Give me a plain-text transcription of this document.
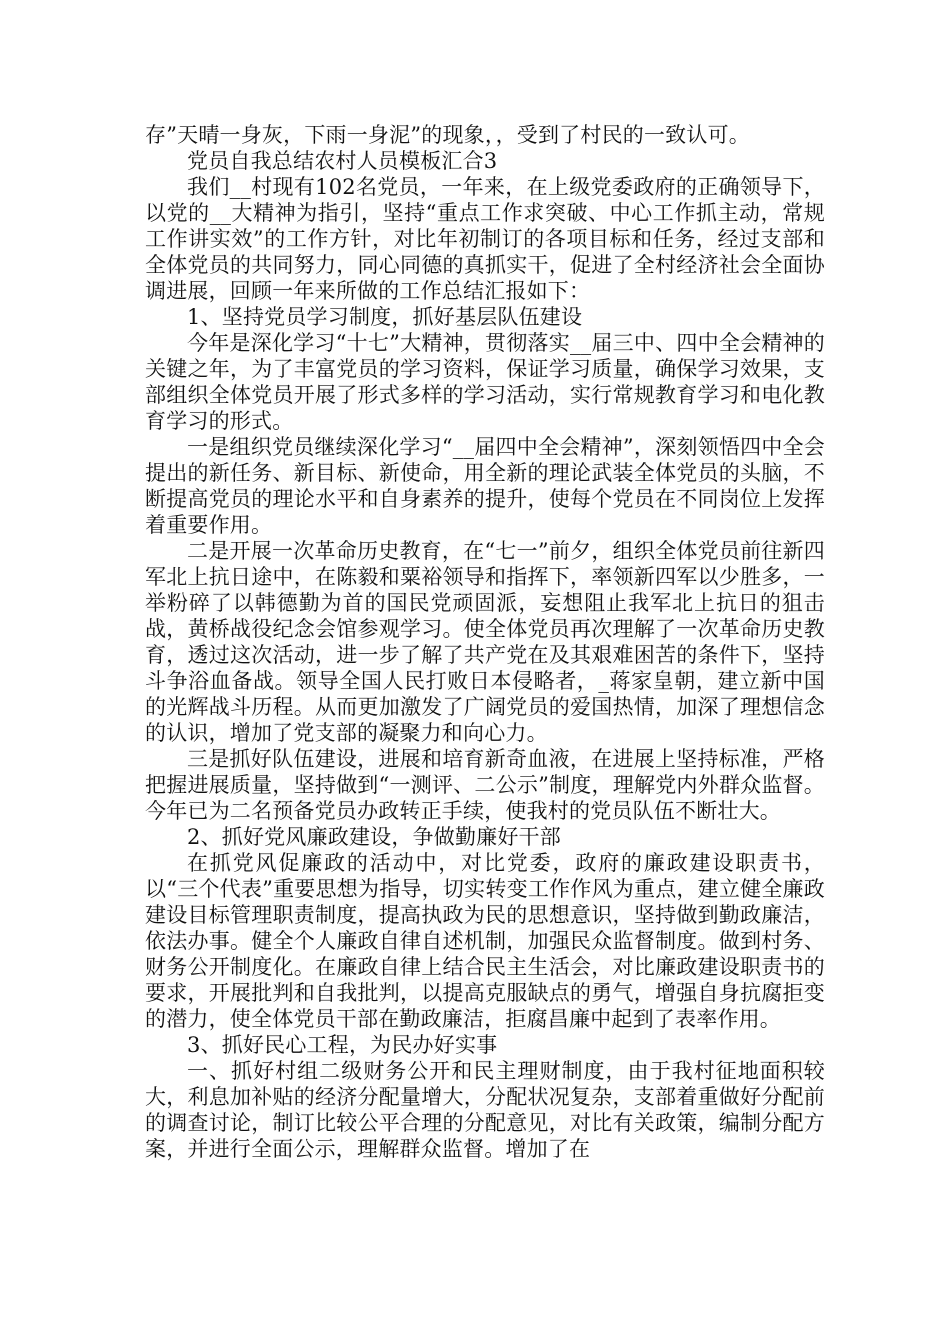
存”天晴一身灰，下雨一身泥”的现象，，受到了村民的一致认可。

党员自我总结农村人员模板汇合3

我们__村现有102名党员，一年来，在上级党委政府的正确领导下，以党的__大精神为指引，坚持“重点工作求突破、中心工作抓主动，常规工作讲实效”的工作方针，对比年初制订的各项目标和任务，经过支部和全体党员的共同努力，同心同德的真抓实干，促进了全村经济社会全面协调进展，回顾一年来所做的工作总结汇报如下：

1、坚持党员学习制度，抓好基层队伍建设

今年是深化学习“十七”大精神，贯彻落实__届三中、四中全会精神的关键之年，为了丰富党员的学习资料，保证学习质量，确保学习效果，支部组织全体党员开展了形式多样的学习活动，实行常规教育学习和电化教育学习的形式。

一是组织党员继续深化学习“__届四中全会精神”，深刻领悟四中全会提出的新任务、新目标、新使命，用全新的理论武装全体党员的头脑，不断提高党员的理论水平和自身素养的提升，使每个党员在不同岗位上发挥着重要作用。

二是开展一次革命历史教育，在“七一”前夕，组织全体党员前往新四军北上抗日途中，在陈毅和粟裕领导和指挥下，率领新四军以少胜多，一举粉碎了以韩德勤为首的国民党顽固派，妄想阻止我军北上抗日的狙击战，黄桥战役纪念会馆参观学习。使全体党员再次理解了一次革命历史教育，透过这次活动，进一步了解了共产党在及其艰难困苦的条件下，坚持斗争浴血备战。领导全国人民打败日本侵略者，_蒋家皇朝，建立新中国的光辉战斗历程。从而更加激发了广阔党员的爱国热情，加深了理想信念的认识，增加了党支部的凝聚力和向心力。

三是抓好队伍建设，进展和培育新奇血液，在进展上坚持标准，严格把握进展质量，坚持做到“一测评、二公示”制度，理解党内外群众监督。今年已为二名预备党员办政转正手续，使我村的党员队伍不断壮大。

2、抓好党风廉政建设，争做勤廉好干部

在抓党风促廉政的活动中，对比党委，政府的廉政建设职责书，以“三个代表”重要思想为指导，切实转变工作作风为重点，建立健全廉政建设目标管理职责制度，提高执政为民的思想意识，坚持做到勤政廉洁，依法办事。健全个人廉政自律自述机制，加强民众监督制度。做到村务、财务公开制度化。在廉政自律上结合民主生活会，对比廉政建设职责书的要求，开展批判和自我批判，以提高克服缺点的勇气，增强自身抗腐拒变的潜力，使全体党员干部在勤政廉洁，拒腐昌廉中起到了表率作用。

3、抓好民心工程，为民办好实事

一、抓好村组二级财务公开和民主理财制度，由于我村征地面积较大，利息加补贴的经济分配量增大，分配状况复杂，支部着重做好分配前的调查讨论，制订比较公平合理的分配意见，对比有关政策，编制分配方案，并进行全面公示，理解群众监督。增加了在
